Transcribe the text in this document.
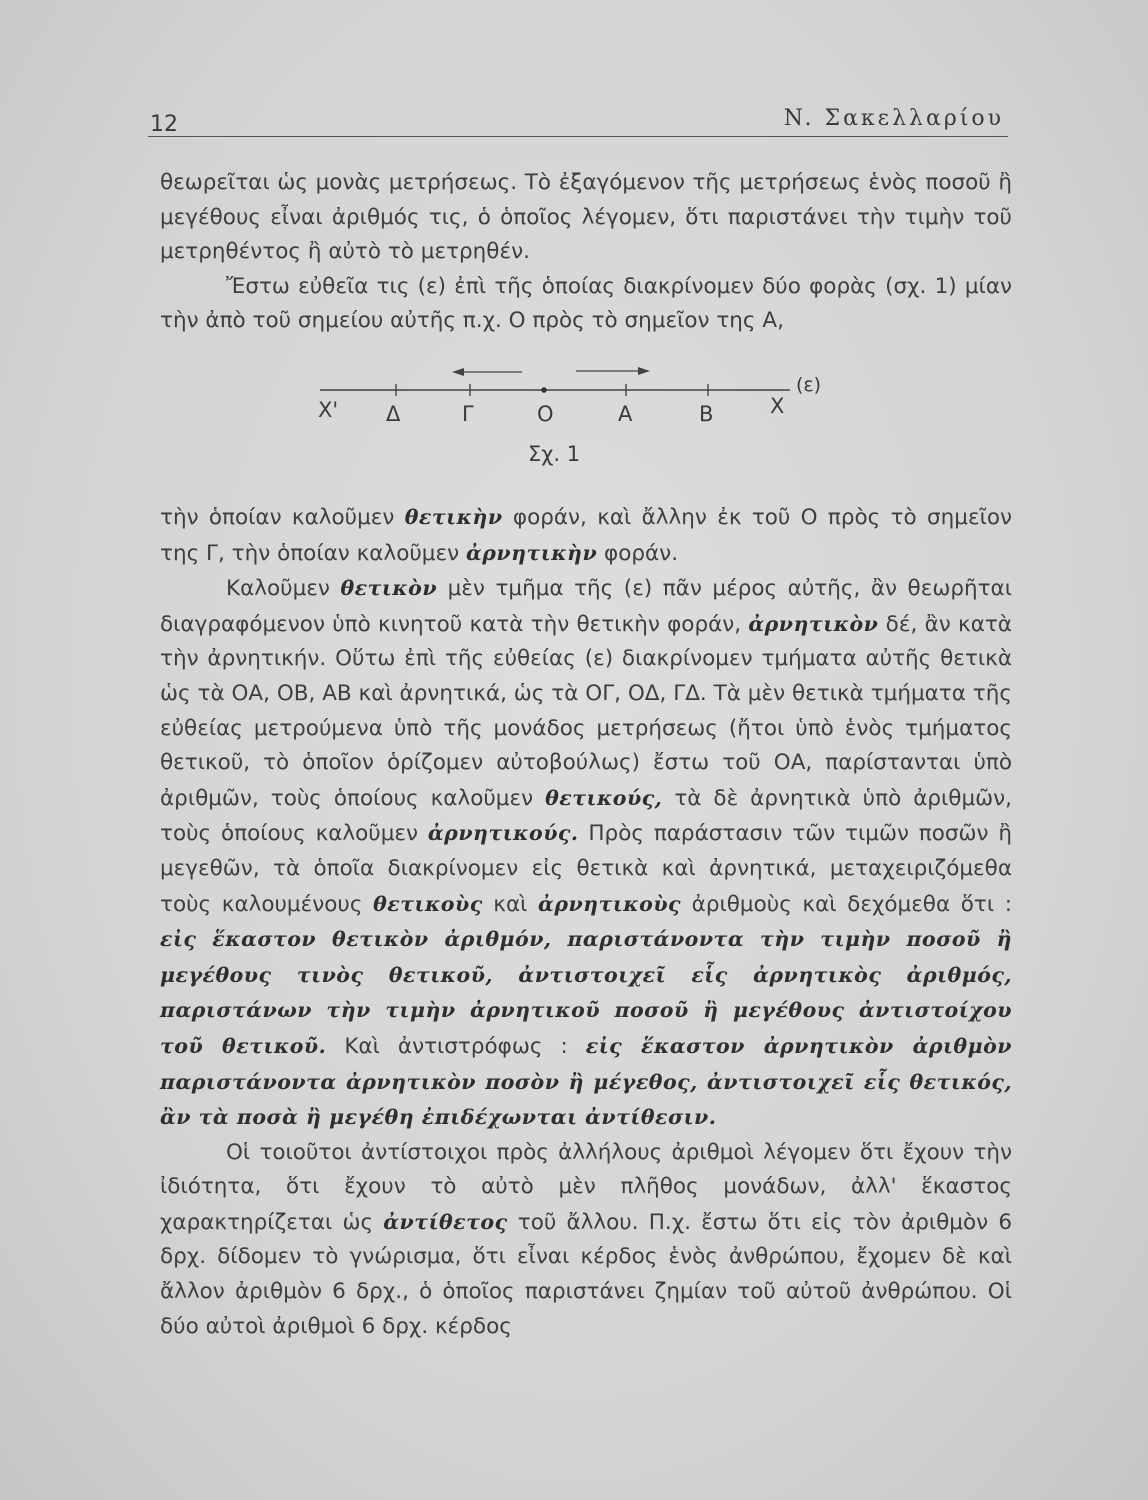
12	N. Σακελλαρίου

θεωρεῖται ὡς μονὰς μετρήσεως. Τὸ ἐξαγόμενον τῆς μετρήσεως ἑνὸς ποσοῦ ἢ μεγέθους εἶναι ἀριθμός τις, ὁ ὁποῖος λέγομεν, ὅτι παριστάνει τὴν τιμὴν τοῦ μετρηθέντος ἢ αὐτὸ τὸ μετρηθέν.

Ἔστω εὐθεῖα τις (ε) ἐπὶ τῆς ὁποίας διακρίνομεν δύο φορὰς (σχ. 1) μίαν τὴν ἀπὸ τοῦ σημείου αὐτῆς π.χ. Ο πρὸς τὸ σημεῖον της Α,

X' Δ	Γ	Ο	Α	Β	X
(ε)
Σχ. 1

τὴν ὁποίαν καλοῦμεν θετικὴν φοράν, καὶ ἄλλην ἐκ τοῦ Ο πρὸς τὸ σημεῖον της Γ, τὴν ὁποίαν καλοῦμεν ἀρνητικὴν φοράν.

Καλοῦμεν θετικὸν μὲν τμῆμα τῆς (ε) πᾶν μέρος αὐτῆς, ἂν θεωρῆται διαγραφόμενον ὑπὸ κινητοῦ κατὰ τὴν θετικὴν φοράν, ἀρνητικὸν δέ, ἂν κατὰ τὴν ἀρνητικήν. Οὕτω ἐπὶ τῆς εὐθείας (ε) διακρίνομεν τμήματα αὐτῆς θετικὰ ὡς τὰ ΟΑ, ΟΒ, ΑΒ καὶ ἀρνητικά, ὡς τὰ ΟΓ, ΟΔ, ΓΔ. Τὰ μὲν θετικὰ τμήματα τῆς εὐθείας μετρούμενα ὑπὸ τῆς μονάδος μετρήσεως (ἤτοι ὑπὸ ἑνὸς τμήματος θετικοῦ, τὸ ὁποῖον ὁρίζομεν αὐτοβούλως) ἔστω τοῦ ΟΑ, παρίστανται ὑπὸ ἀριθμῶν, τοὺς ὁποίους καλοῦμεν θετικούς, τὰ δὲ ἀρνητικὰ ὑπὸ ἀριθμῶν, τοὺς ὁποίους καλοῦμεν ἀρνητικούς. Πρὸς παράστασιν τῶν τιμῶν ποσῶν ἢ μεγεθῶν, τὰ ὁποῖα διακρίνομεν εἰς θετικὰ καὶ ἀρνητικά, μεταχειριζόμεθα τοὺς καλουμένους θετικοὺς καὶ ἀρνητικοὺς ἀριθμοὺς καὶ δεχόμεθα ὅτι : εἰς ἕκαστον θετικὸν ἀριθμόν, παριστάνοντα τὴν τιμὴν ποσοῦ ἢ μεγέθους τινὸς θετικοῦ, ἀντιστοιχεῖ εἷς ἀρνητικὸς ἀριθμός, παριστάνων τὴν τιμὴν ἀρνητικοῦ ποσοῦ ἢ μεγέθους ἀντιστοίχου τοῦ θετικοῦ. Καὶ ἀντιστρόφως : εἰς ἕκαστον ἀρνητικὸν ἀριθμὸν παριστάνοντα ἀρνητικὸν ποσὸν ἢ μέγεθος, ἀντιστοιχεῖ εἷς θετικός, ἂν τὰ ποσὰ ἢ μεγέθη ἐπιδέχωνται ἀντίθεσιν.

Οἱ τοιοῦτοι ἀντίστοιχοι πρὸς ἀλλήλους ἀριθμοὶ λέγομεν ὅτι ἔχουν τὴν ἰδιότητα, ὅτι ἔχουν τὸ αὐτὸ μὲν πλῆθος μονάδων, ἀλλ' ἕκαστος χαρακτηρίζεται ὡς ἀντίθετος τοῦ ἄλλου. Π.χ. ἔστω ὅτι εἰς τὸν ἀριθμὸν 6 δρχ. δίδομεν τὸ γνώρισμα, ὅτι εἶναι κέρδος ἑνὸς ἀνθρώπου, ἔχομεν δὲ καὶ ἄλλον ἀριθμὸν 6 δρχ., ὁ ὁποῖος παριστάνει ζημίαν τοῦ αὐτοῦ ἀνθρώπου. Οἱ δύο αὐτοὶ ἀριθμοὶ 6 δρχ. κέρδος
